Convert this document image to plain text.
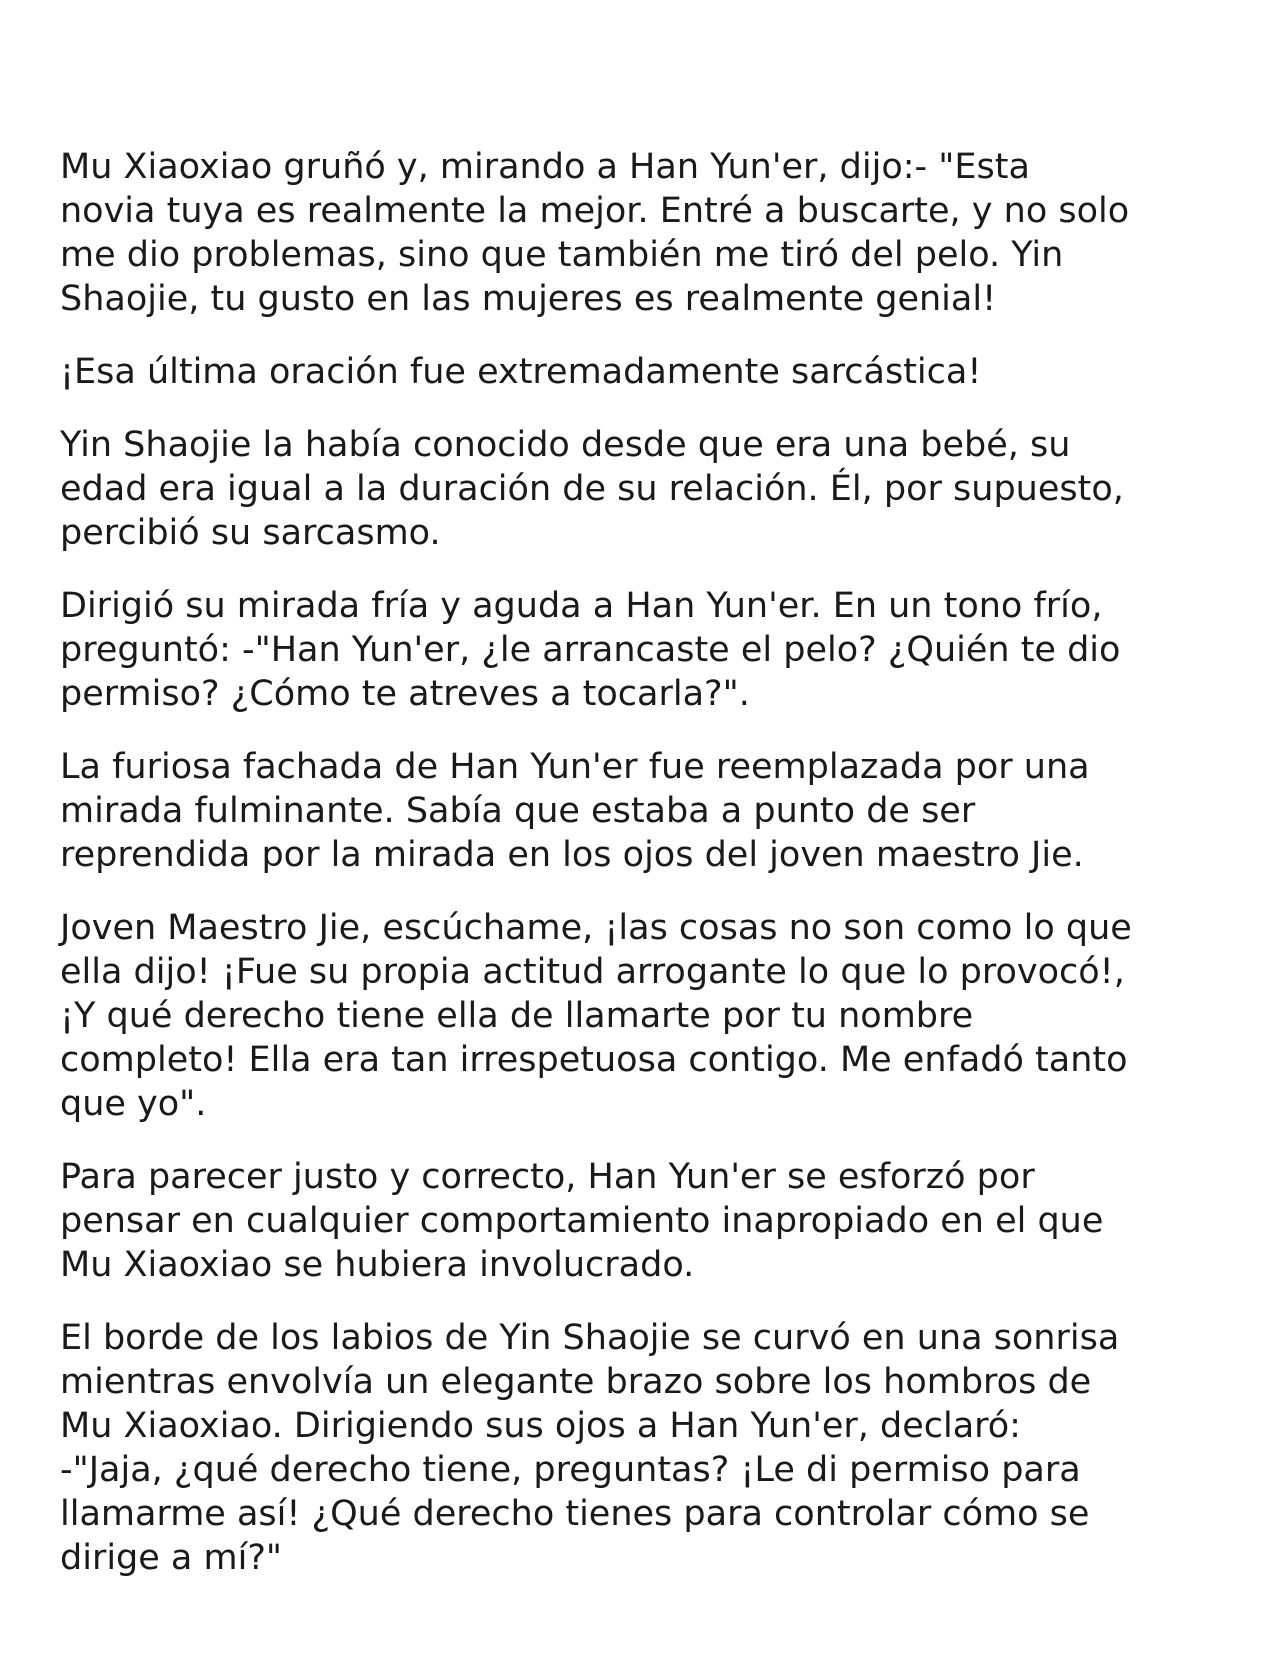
Mu Xiaoxiao gruñó y, mirando a Han Yun'er, dijo:- "Esta
novia tuya es realmente la mejor. Entré a buscarte, y no solo
me dio problemas, sino que también me tiró del pelo. Yin
Shaojie, tu gusto en las mujeres es realmente genial!

¡Esa última oración fue extremadamente sarcástica!

Yin Shaojie la había conocido desde que era una bebé, su
edad era igual a la duración de su relación. Él, por supuesto,
percibió su sarcasmo.

Dirigió su mirada fría y aguda a Han Yun'er. En un tono frío,
preguntó: -"Han Yun'er, ¿le arrancaste el pelo? ¿Quién te dio
permiso? ¿Cómo te atreves a tocarla?".

La furiosa fachada de Han Yun'er fue reemplazada por una
mirada fulminante. Sabía que estaba a punto de ser
reprendida por la mirada en los ojos del joven maestro Jie.

Joven Maestro Jie, escúchame, ¡las cosas no son como lo que
ella dijo! ¡Fue su propia actitud arrogante lo que lo provocó!,
¡Y qué derecho tiene ella de llamarte por tu nombre
completo! Ella era tan irrespetuosa contigo. Me enfadó tanto
que yo".

Para parecer justo y correcto, Han Yun'er se esforzó por
pensar en cualquier comportamiento inapropiado en el que
Mu Xiaoxiao se hubiera involucrado.

El borde de los labios de Yin Shaojie se curvó en una sonrisa
mientras envolvía un elegante brazo sobre los hombros de
Mu Xiaoxiao. Dirigiendo sus ojos a Han Yun'er, declaró:
-"Jaja, ¿qué derecho tiene, preguntas? ¡Le di permiso para
llamarme así! ¿Qué derecho tienes para controlar cómo se
dirige a mí?"
